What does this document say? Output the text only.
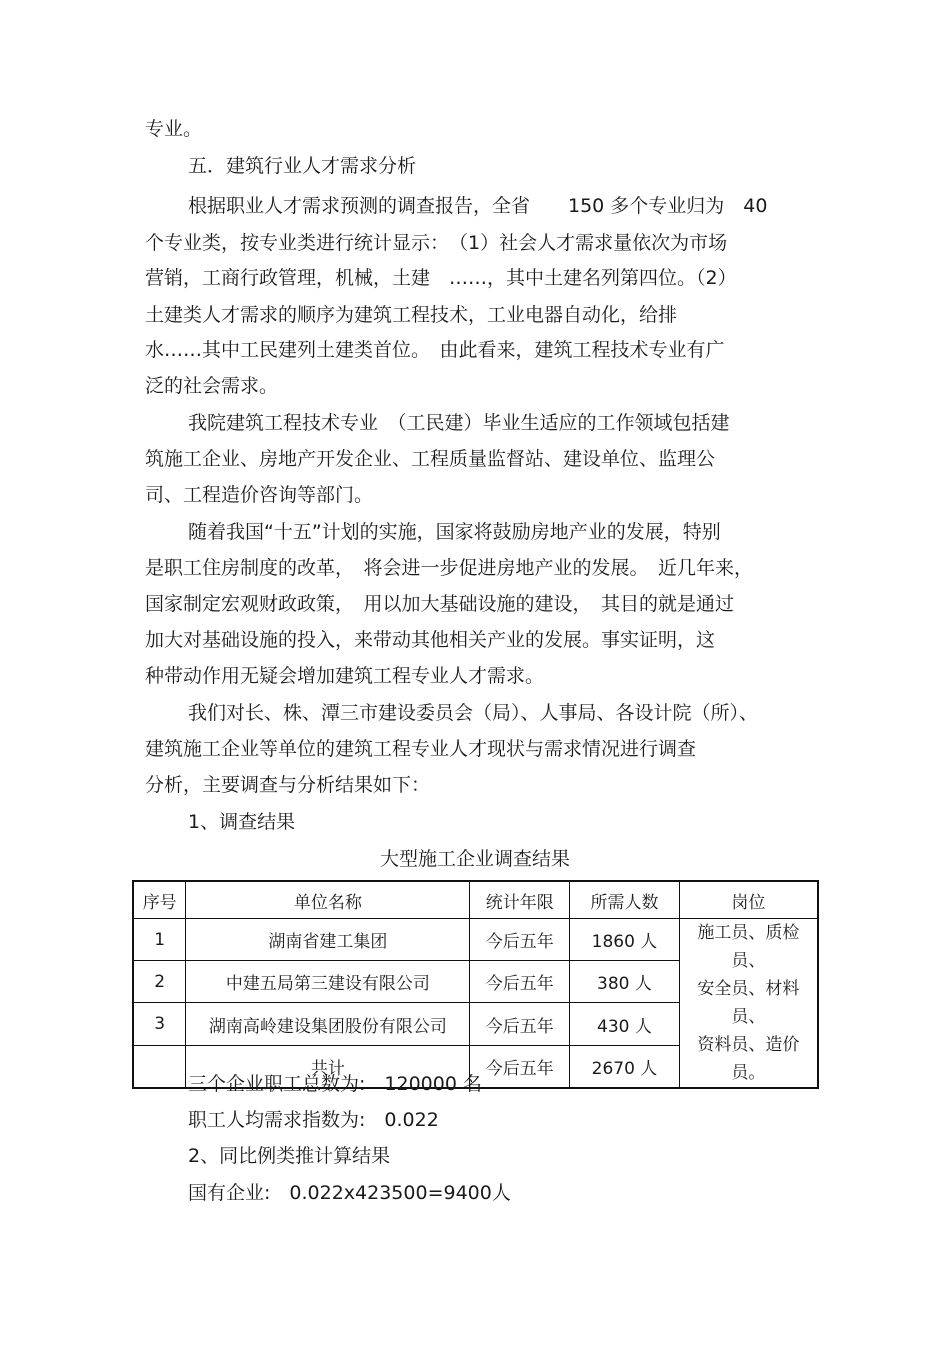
专业。
五．建筑行业人才需求分析
根据职业人才需求预测的调查报告，全省　　150 多个专业归为　40
个专业类，按专业类进行统计显示：　（1）社会人才需求量依次为市场
营销，工商行政管理，机械，土建　……，其中土建名列第四位。（2）
土建类人才需求的顺序为建筑工程技术，工业电器自动化，给排
水……其中工民建列土建类首位。　由此看来，建筑工程技术专业有广
泛的社会需求。
我院建筑工程技术专业　（工民建）毕业生适应的工作领域包括建
筑施工企业、房地产开发企业、工程质量监督站、建设单位、监理公
司、工程造价咨询等部门。
随着我国“十五”计划的实施，国家将鼓励房地产业的发展，特别
是职工住房制度的改革，　将会进一步促进房地产业的发展。　近几年来，
国家制定宏观财政政策，　用以加大基础设施的建设，　其目的就是通过
加大对基础设施的投入，来带动其他相关产业的发展。事实证明，这
种带动作用无疑会增加建筑工程专业人才需求。
我们对长、株、潭三市建设委员会（局）、人事局、各设计院（所）、
建筑施工企业等单位的建筑工程专业人才现状与需求情况进行调查
分析，主要调查与分析结果如下：
1、调查结果
大型施工企业调查结果
序号	单位名称	统计年限	所需人数	岗位
1	湖南省建工集团	今后五年	1860 人	施工员、质检员、
安全员、材料员、
资料员、造价员。

2	中建五局第三建设有限公司	今后五年	380 人	
3	湖南高岭建设集团股份有限公司	今后五年	430 人	
	共计	今后五年	2670 人	
三个企业职工总数为:　120000 名
职工人均需求指数为:　0.022
2、同比例类推计算结果
国有企业:　0.022x423500=9400人
